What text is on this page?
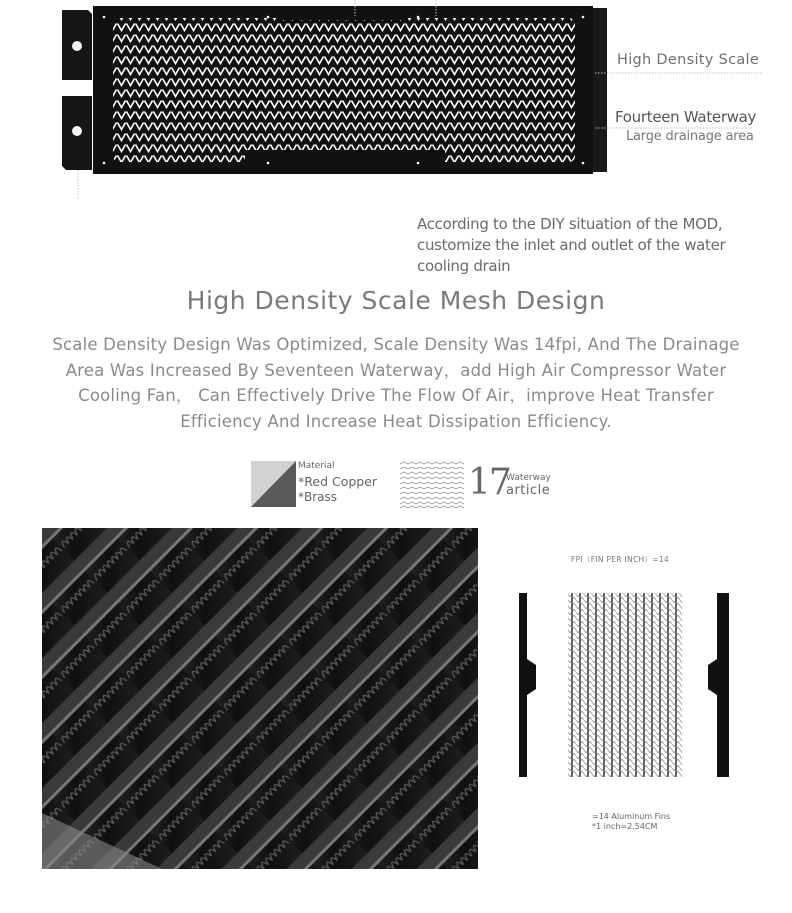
High Density Scale
Fourteen Waterway
Large drainage area
According to the DIY situation of the MOD, customize the inlet and outlet of the water cooling drain
High Density Scale Mesh Design
Scale Density Design Was Optimized, Scale Density Was 14fpi, And The Drainage Area Was Increased By Seventeen Waterway，add High Air Compressor Water Cooling Fan， Can Effectively Drive The Flow Of Air，improve Heat Transfer Efficiency And Increase Heat Dissipation Efficiency.
Material
*Red Copper
*Brass	17
Waterway
article
FPI（FIN PER INCH）=14
=14 Aluminum Fins
*1 inch=2.54CM
